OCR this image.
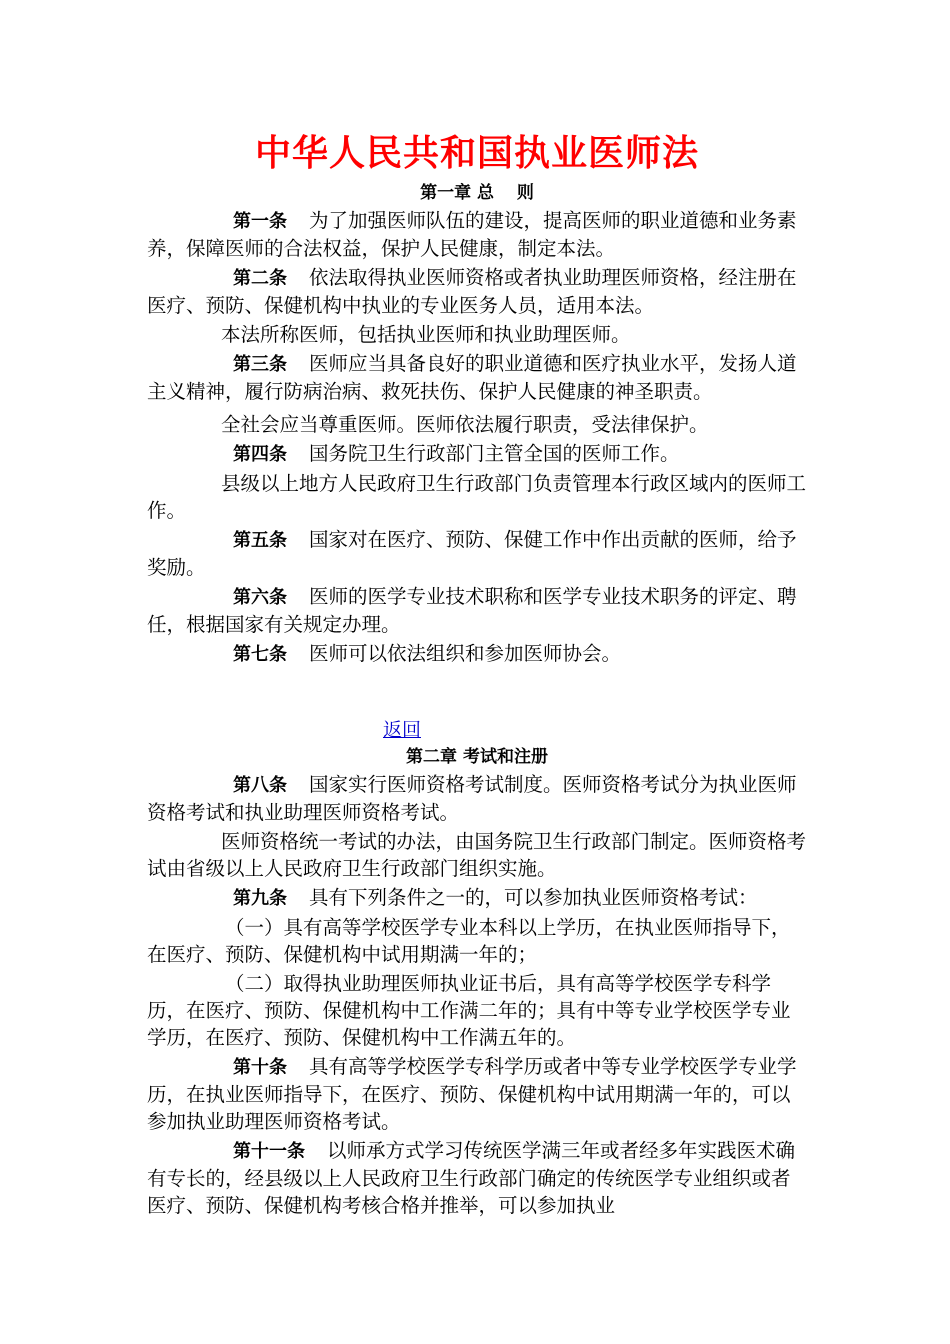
中华人民共和国执业医师法
第一章 总　 则

第一条 为了加强医师队伍的建设，提高医师的职业道德和业务素养，保障医师的合法权益，保护人民健康，制定本法。

第二条 依法取得执业医师资格或者执业助理医师资格，经注册在医疗、预防、保健机构中执业的专业医务人员，适用本法。

本法所称医师，包括执业医师和执业助理医师。

第三条 医师应当具备良好的职业道德和医疗执业水平，发扬人道主义精神，履行防病治病、救死扶伤、保护人民健康的神圣职责。

全社会应当尊重医师。医师依法履行职责，受法律保护。

第四条 国务院卫生行政部门主管全国的医师工作。

县级以上地方人民政府卫生行政部门负责管理本行政区域内的医师工作。

第五条 国家对在医疗、预防、保健工作中作出贡献的医师，给予奖励。

第六条 医师的医学专业技术职称和医学专业技术职务的评定、聘任，根据国家有关规定办理。

第七条 医师可以依法组织和参加医师协会。

返回
第二章 考试和注册

第八条 国家实行医师资格考试制度。医师资格考试分为执业医师资格考试和执业助理医师资格考试。

医师资格统一考试的办法，由国务院卫生行政部门制定。医师资格考试由省级以上人民政府卫生行政部门组织实施。

第九条 具有下列条件之一的，可以参加执业医师资格考试：

（一）具有高等学校医学专业本科以上学历，在执业医师指导下，在医疗、预防、保健机构中试用期满一年的；

（二）取得执业助理医师执业证书后，具有高等学校医学专科学历，在医疗、预防、保健机构中工作满二年的；具有中等专业学校医学专业学历，在医疗、预防、保健机构中工作满五年的。

第十条 具有高等学校医学专科学历或者中等专业学校医学专业学历，在执业医师指导下，在医疗、预防、保健机构中试用期满一年的，可以参加执业助理医师资格考试。

第十一条 以师承方式学习传统医学满三年或者经多年实践医术确有专长的，经县级以上人民政府卫生行政部门确定的传统医学专业组织或者医疗、预防、保健机构考核合格并推举，可以参加执业
